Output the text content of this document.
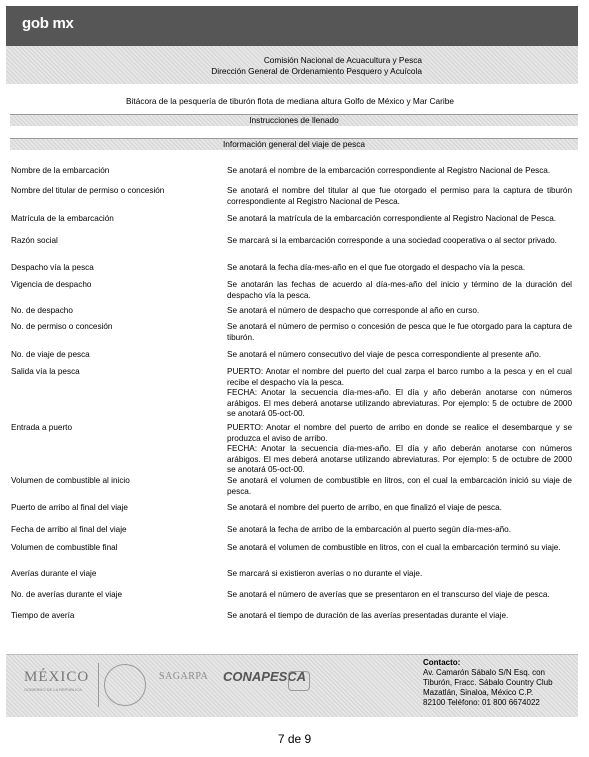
gob mx
Comisión Nacional de Acuacultura y Pesca
Dirección General de Ordenamiento Pesquero y Acuícola
Bitácora de la pesquería de tiburón flota de mediana altura Golfo de México y Mar Caribe
Instrucciones de llenado
Información general del viaje de pesca
Nombre de la embarcación	Se anotará el nombre de la embarcación correspondiente al Registro Nacional de Pesca.
Nombre del titular de permiso o concesión	Se anotará el nombre del titular al que fue otorgado el permiso para la captura de tiburón correspondiente al Registro Nacional de Pesca.
Matrícula de la embarcación	Se anotará la matrícula de la embarcación correspondiente al Registro Nacional de Pesca.
Razón social	Se marcará si la embarcación corresponde a una sociedad cooperativa o al sector privado.
Despacho vía la pesca	Se anotará la fecha día-mes-año en el que fue otorgado el despacho vía la pesca.
Vigencia de despacho	Se anotarán las fechas de acuerdo al día-mes-año del inicio y término de la duración del despacho vía la pesca.
No. de despacho	Se anotará el número de despacho que corresponde al año en curso.
No. de permiso o concesión	Se anotará el número de permiso o concesión de pesca que le fue otorgado para la captura de tiburón.
No. de viaje de pesca	Se anotará el número consecutivo del viaje de pesca correspondiente al presente año.
Salida vía la pesca	PUERTO: Anotar el nombre del puerto del cual zarpa el barco rumbo a la pesca y en el cual recibe el despacho vía la pesca.
FECHA: Anotar la secuencia día-mes-año. El día y año deberán anotarse con números arábigos. El mes deberá anotarse utilizando abreviaturas. Por ejemplo: 5 de octubre de 2000 se anotará 05-oct-00.
Entrada a puerto	PUERTO: Anotar el nombre del puerto de arribo en donde se realice el desembarque y se produzca el aviso de arribo.
FECHA: Anotar la secuencia día-mes-año. El día y año deberán anotarse con números arábigos. El mes deberá anotarse utilizando abreviaturas. Por ejemplo: 5 de octubre de 2000 se anotará 05-oct-00.
Volumen de combustible al inicio	Se anotará el volumen de combustible en litros, con el cual la embarcación inició su viaje de pesca.
Puerto de arribo al final del viaje	Se anotará el nombre del puerto de arribo, en que finalizó el viaje de pesca.
Fecha de arribo al final del viaje	Se anotará la fecha de arribo de la embarcación al puerto según día-mes-año.
Volumen de combustible final	Se anotará el volumen de combustible en litros, con el cual la embarcación terminó su viaje.
Averías durante el viaje	Se marcará si existieron averías o no durante el viaje.
No. de averías durante el viaje	Se anotará el número de averías que se presentaron en el transcurso del viaje de pesca.
Tiempo de avería	Se anotará el tiempo de duración de las averías presentadas durante el viaje.
MÉXICO
GOBIERNO DE LA REPÚBLICA
SAGARPA CONAPESCA
Contacto:
Av. Camarón Sábalo S/N Esq. con
Tiburón, Fracc. Sábalo Country Club
Mazatlán, Sinaloa, México C.P.
82100 Teléfono: 01 800 6674022
7 de 9
